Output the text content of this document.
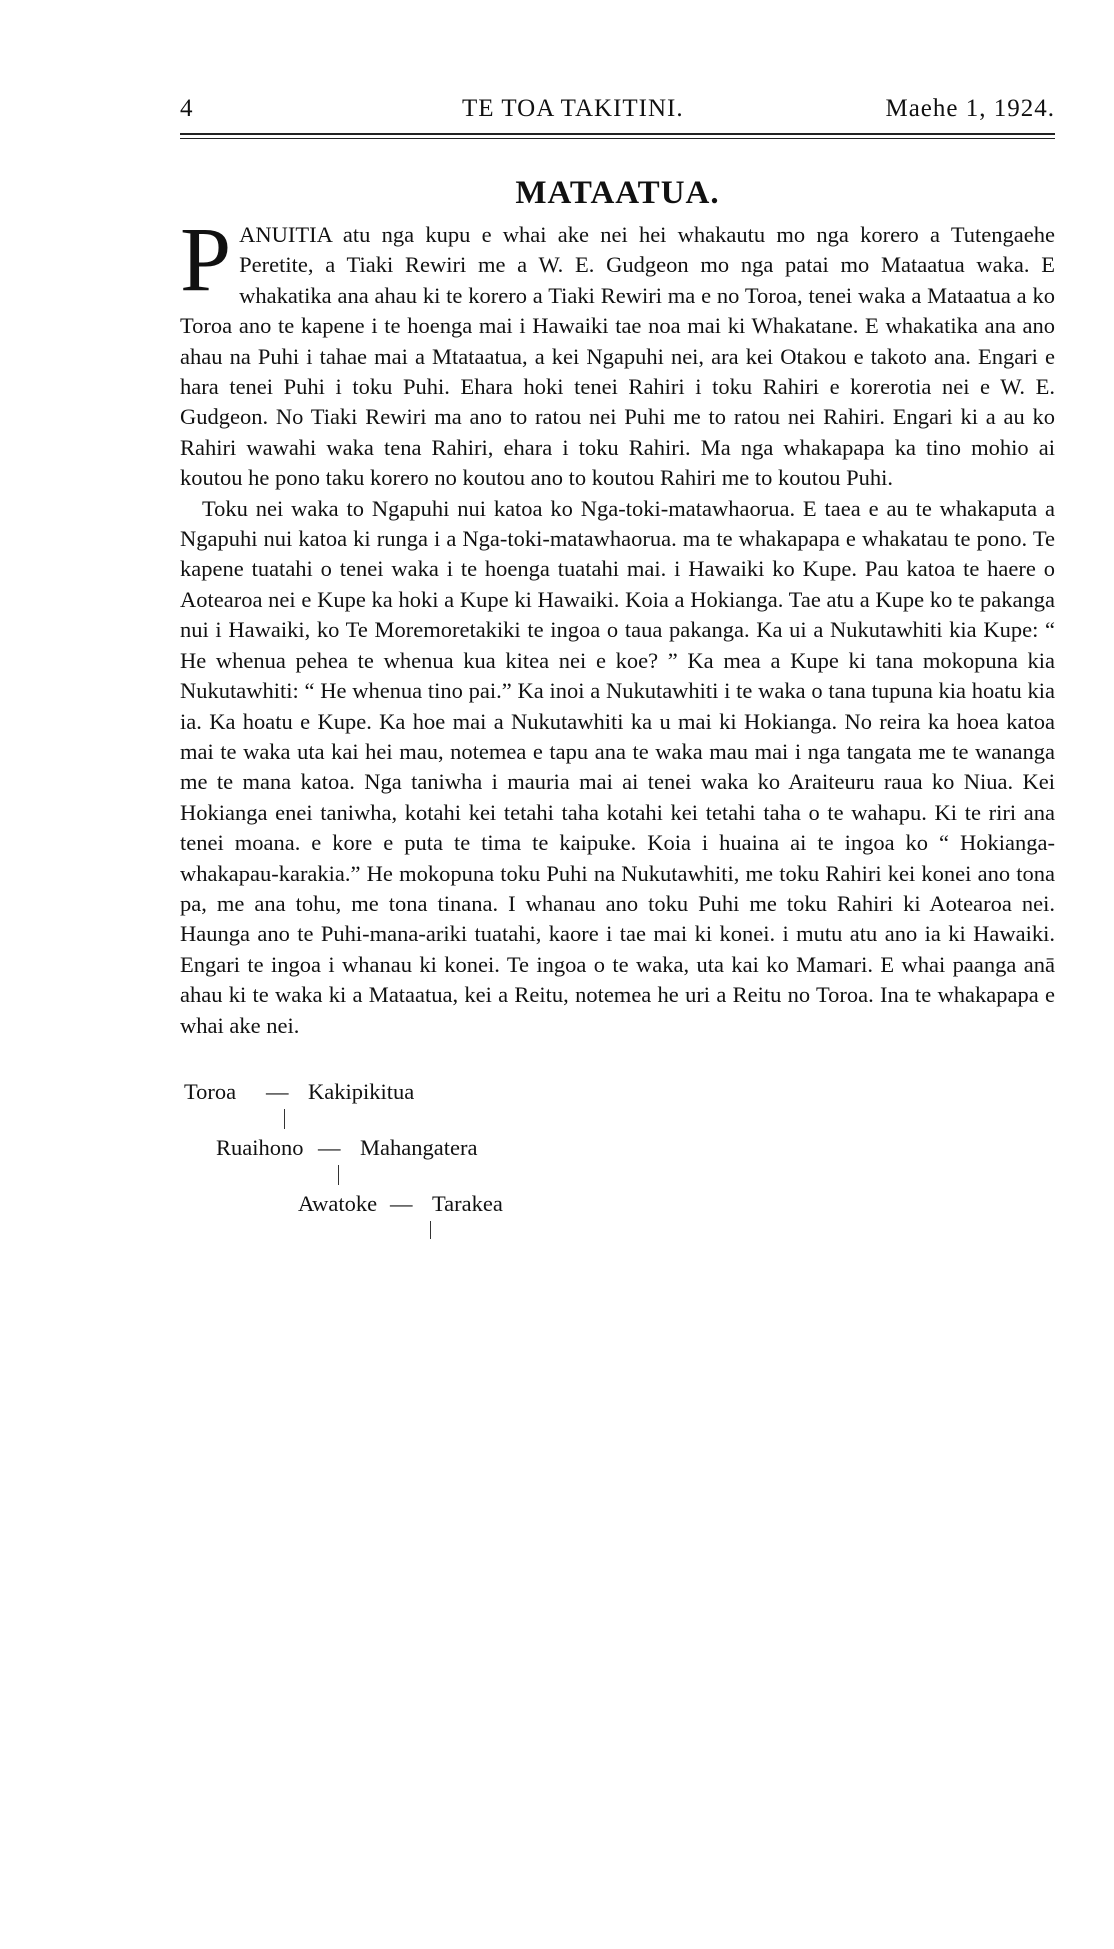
4	TE TOA TAKITINI.	Maehe 1, 1924.
MATAATUA.

PANUITIA atu nga kupu e whai ake nei hei whakautu mo nga korero a Tutengaehe Peretite, a Tiaki Rewiri me a W. E. Gudgeon mo nga patai mo Mataatua waka. E whakatika ana ahau ki te korero a Tiaki Rewiri ma e no Toroa, tenei waka a Mataatua a ko Toroa ano te kapene i te hoenga mai i Hawaiki tae noa mai ki Whakatane. E whakatika ana ano ahau na Puhi i tahae mai a Mtataatua, a kei Ngapuhi nei, ara kei Otakou e takoto ana. Engari e hara tenei Puhi i toku Puhi. Ehara hoki tenei Rahiri i toku Rahiri e korerotia nei e W. E. Gudgeon. No Tiaki Rewiri ma ano to ratou nei Puhi me to ratou nei Rahiri. Engari ki a au ko Rahiri wawahi waka tena Rahiri, ehara i toku Rahiri. Ma nga whakapapa ka tino mohio ai koutou he pono taku korero no koutou ano to koutou Rahiri me to koutou Puhi.

Toku nei waka to Ngapuhi nui katoa ko Nga-toki-matawhaorua. E taea e au te whakaputa a Ngapuhi nui katoa ki runga i a Nga-toki-matawhaorua. ma te whakapapa e whakatau te pono. Te kapene tuatahi o tenei waka i te hoenga tuatahi mai. i Hawaiki ko Kupe. Pau katoa te haere o Aotearoa nei e Kupe ka hoki a Kupe ki Hawaiki. Koia a Hokianga. Tae atu a Kupe ko te pakanga nui i Hawaiki, ko Te Moremoretakiki te ingoa o taua pakanga. Ka ui a Nukutawhiti kia Kupe: “ He whenua pehea te whenua kua kitea nei e koe? ” Ka mea a Kupe ki tana mokopuna kia Nukutawhiti: “ He whenua tino pai.” Ka inoi a Nukutawhiti i te waka o tana tupuna kia hoatu kia ia. Ka hoatu e Kupe. Ka hoe mai a Nukutawhiti ka u mai ki Hokianga. No reira ka hoea katoa mai te waka uta kai hei mau, notemea e tapu ana te waka mau mai i nga tangata me te wananga me te mana katoa. Nga taniwha i mauria mai ai tenei waka ko Araiteuru raua ko Niua. Kei Hokianga enei taniwha, kotahi kei tetahi taha kotahi kei tetahi taha o te wahapu. Ki te riri ana tenei moana. e kore e puta te tima te kaipuke. Koia i huaina ai te ingoa ko “ Hokianga-whakapau-karakia.” He mokopuna toku Puhi na Nukutawhiti, me toku Rahiri kei konei ano tona pa, me ana tohu, me tona tinana. I whanau ano toku Puhi me toku Rahiri ki Aotearoa nei. Haunga ano te Puhi-mana-ariki tuatahi, kaore i tae mai ki konei. i mutu atu ano ia ki Hawaiki. Engari te ingoa i whanau ki konei. Te ingoa o te waka, uta kai ko Mamari. E whai paanga anā ahau ki te waka ki a Mataatua, kei a Reitu, notemea he uri a Reitu no Toroa. Ina te whakapapa e whai ake nei.

Toroa — Kakipikitua
Ruaihono — Mahangatera
Awatoke — Tarakea
